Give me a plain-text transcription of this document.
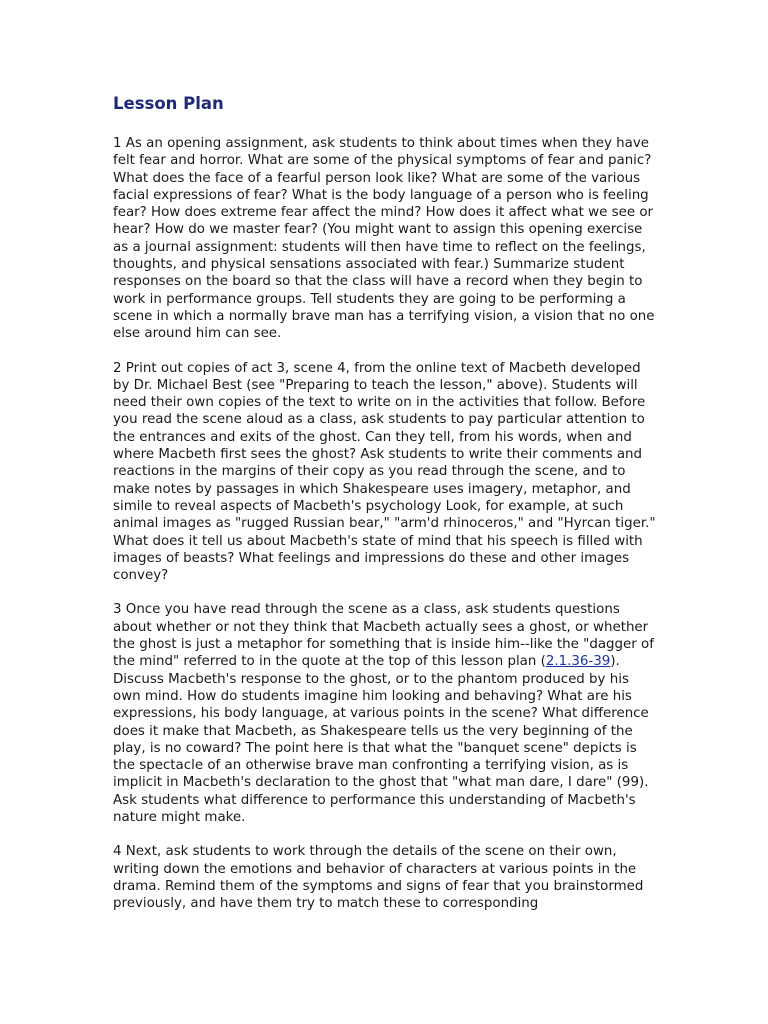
Lesson Plan

1 As an opening assignment, ask students to think about times when they have felt fear and horror. What are some of the physical symptoms of fear and panic? What does the face of a fearful person look like? What are some of the various facial expressions of fear? What is the body language of a person who is feeling fear? How does extreme fear affect the mind? How does it affect what we see or hear? How do we master fear? (You might want to assign this opening exercise as a journal assignment: students will then have time to reflect on the feelings, thoughts, and physical sensations associated with fear.) Summarize student responses on the board so that the class will have a record when they begin to work in performance groups. Tell students they are going to be performing a scene in which a normally brave man has a terrifying vision, a vision that no one else around him can see.

2 Print out copies of act 3, scene 4, from the online text of Macbeth developed by Dr. Michael Best (see "Preparing to teach the lesson," above). Students will need their own copies of the text to write on in the activities that follow. Before you read the scene aloud as a class, ask students to pay particular attention to the entrances and exits of the ghost. Can they tell, from his words, when and where Macbeth first sees the ghost? Ask students to write their comments and reactions in the margins of their copy as you read through the scene, and to make notes by passages in which Shakespeare uses imagery, metaphor, and simile to reveal aspects of Macbeth's psychology Look, for example, at such animal images as "rugged Russian bear," "arm'd rhinoceros," and "Hyrcan tiger." What does it tell us about Macbeth's state of mind that his speech is filled with images of beasts? What feelings and impressions do these and other images convey?

3 Once you have read through the scene as a class, ask students questions about whether or not they think that Macbeth actually sees a ghost, or whether the ghost is just a metaphor for something that is inside him--like the "dagger of the mind" referred to in the quote at the top of this lesson plan (2.1.36-39). Discuss Macbeth's response to the ghost, or to the phantom produced by his own mind. How do students imagine him looking and behaving? What are his expressions, his body language, at various points in the scene? What difference does it make that Macbeth, as Shakespeare tells us the very beginning of the play, is no coward? The point here is that what the "banquet scene" depicts is the spectacle of an otherwise brave man confronting a terrifying vision, as is implicit in Macbeth's declaration to the ghost that "what man dare, I dare" (99). Ask students what difference to performance this understanding of Macbeth's nature might make.

4 Next, ask students to work through the details of the scene on their own, writing down the emotions and behavior of characters at various points in the drama. Remind them of the symptoms and signs of fear that you brainstormed previously, and have them try to match these to corresponding
